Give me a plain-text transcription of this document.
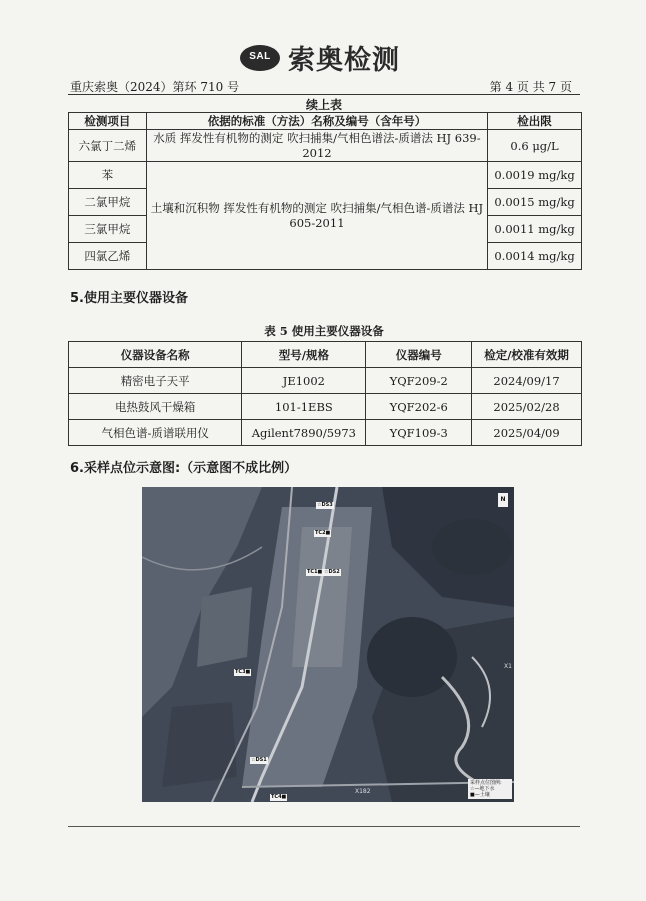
SAL 索奥检测
重庆索奥（2024）第环 710 号	第 4 页 共 7 页
续上表
检测项目	依据的标准（方法）名称及编号（含年号）	检出限
六氯丁二烯	水质 挥发性有机物的测定 吹扫捕集/气相色谱法-质谱法 HJ 639-2012	0.6 μg/L
苯	土壤和沉积物 挥发性有机物的测定 吹扫捕集/气相色谱-质谱法 HJ 605-2011	0.0019 mg/kg
二氯甲烷		0.0015 mg/kg
三氯甲烷		0.0011 mg/kg
四氯乙烯		0.0014 mg/kg
5.使用主要仪器设备
表 5 使用主要仪器设备
仪器设备名称	型号/规格	仪器编号	检定/校准有效期
精密电子天平	JE1002	YQF209-2	2024/09/17
电热鼓风干燥箱	101-1EBS	YQF202-6	2025/02/28
气相色谱-质谱联用仪	Agilent7890/5973	YQF109-3	2025/04/09
6.采样点位示意图:（示意图不成比例）
N
☆DS3
TC2■
TC1■ ☆DS2
TC3■
☆DS1
TC4■
X182
X1
采样点位图例:
☆—地下水
■—土壤
